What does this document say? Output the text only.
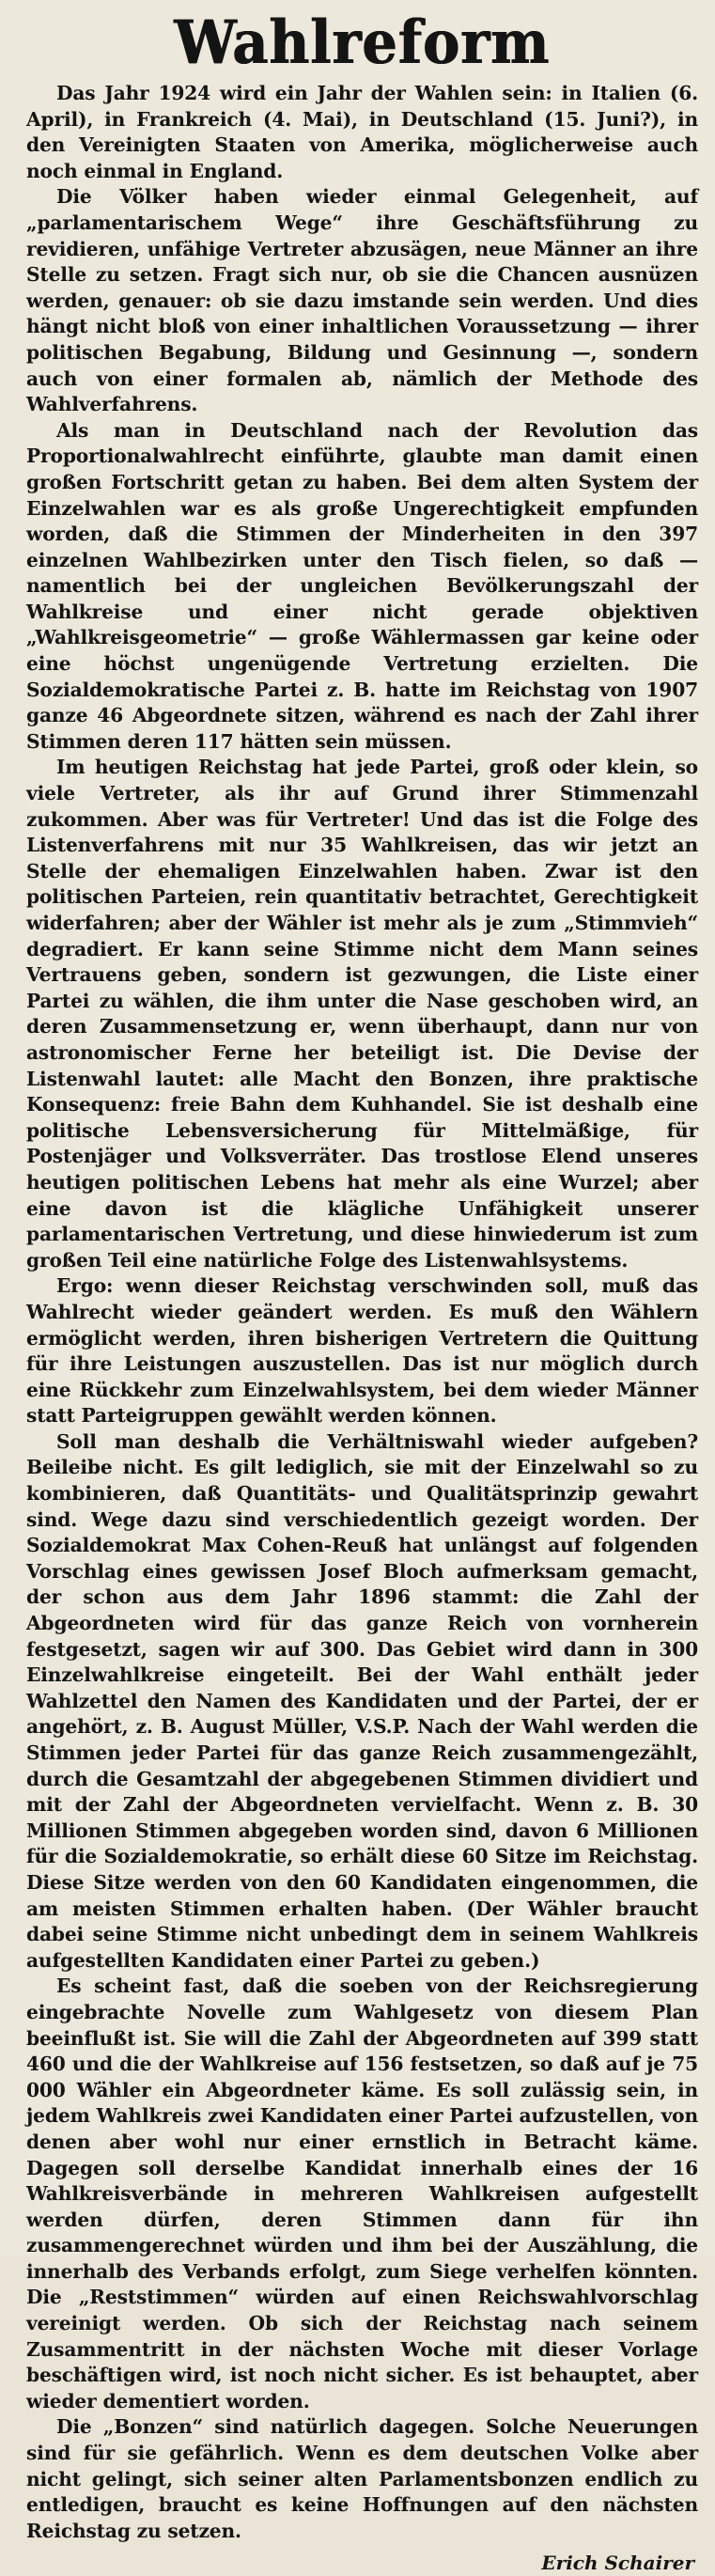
Wahlreform

Das Jahr 1924 wird ein Jahr der Wahlen sein: in Italien (6. April), in Frankreich (4. Mai), in Deutschland (15. Juni?), in den Vereinigten Staaten von Amerika, möglicherweise auch noch einmal in England.

Die Völker haben wieder einmal Gelegenheit, auf „parlamentarischem Wege“ ihre Geschäftsführung zu revidieren, unfähige Vertreter abzusägen, neue Männer an ihre Stelle zu setzen. Fragt sich nur, ob sie die Chancen ausnüzen werden, genauer: ob sie dazu imstande sein werden. Und dies hängt nicht bloß von einer inhaltlichen Voraussetzung — ihrer politischen Begabung, Bildung und Gesinnung —, sondern auch von einer formalen ab, nämlich der Methode des Wahlverfahrens.

Als man in Deutschland nach der Revolution das Proportionalwahlrecht einführte, glaubte man damit einen großen Fortschritt getan zu haben. Bei dem alten System der Einzelwahlen war es als große Ungerechtigkeit empfunden worden, daß die Stimmen der Minderheiten in den 397 einzelnen Wahlbezirken unter den Tisch fielen, so daß — namentlich bei der ungleichen Bevölkerungszahl der Wahlkreise und einer nicht gerade objektiven „Wahlkreisgeometrie“ — große Wählermassen gar keine oder eine höchst ungenügende Vertretung erzielten. Die Sozialdemokratische Partei z. B. hatte im Reichstag von 1907 ganze 46 Abgeordnete sitzen, während es nach der Zahl ihrer Stimmen deren 117 hätten sein müssen.

Im heutigen Reichstag hat jede Partei, groß oder klein, so viele Vertreter, als ihr auf Grund ihrer Stimmenzahl zukommen. Aber was für Vertreter! Und das ist die Folge des Listenverfahrens mit nur 35 Wahlkreisen, das wir jetzt an Stelle der ehemaligen Einzelwahlen haben. Zwar ist den politischen Parteien, rein quantitativ betrachtet, Gerechtigkeit widerfahren; aber der Wähler ist mehr als je zum „Stimmvieh“ degradiert. Er kann seine Stimme nicht dem Mann seines Vertrauens geben, sondern ist gezwungen, die Liste einer Partei zu wählen, die ihm unter die Nase geschoben wird, an deren Zusammensetzung er, wenn überhaupt, dann nur von astronomischer Ferne her beteiligt ist. Die Devise der Listenwahl lautet: alle Macht den Bonzen, ihre praktische Konsequenz: freie Bahn dem Kuhhandel. Sie ist deshalb eine politische Lebensversicherung für Mittelmäßige, für Postenjäger und Volksverräter. Das trostlose Elend unseres heutigen politischen Lebens hat mehr als eine Wurzel; aber eine davon ist die klägliche Unfähigkeit unserer parlamentarischen Vertretung, und diese hinwiederum ist zum großen Teil eine natürliche Folge des Listenwahlsystems.

Ergo: wenn dieser Reichstag verschwinden soll, muß das Wahlrecht wieder geändert werden. Es muß den Wählern ermöglicht werden, ihren bisherigen Vertretern die Quittung für ihre Leistungen auszustellen. Das ist nur möglich durch eine Rückkehr zum Einzelwahlsystem, bei dem wieder Männer statt Parteigruppen gewählt werden können.

Soll man deshalb die Verhältniswahl wieder aufgeben? Beileibe nicht. Es gilt lediglich, sie mit der Einzelwahl so zu kombinieren, daß Quantitäts- und Qualitätsprinzip gewahrt sind. Wege dazu sind verschiedentlich gezeigt worden. Der Sozialdemokrat Max Cohen-Reuß hat unlängst auf folgenden Vorschlag eines gewissen Josef Bloch aufmerksam gemacht, der schon aus dem Jahr 1896 stammt: die Zahl der Abgeordneten wird für das ganze Reich von vornherein festgesetzt, sagen wir auf 300. Das Gebiet wird dann in 300 Einzelwahlkreise eingeteilt. Bei der Wahl enthält jeder Wahlzettel den Namen des Kandidaten und der Partei, der er angehört, z. B. August Müller, V.S.P. Nach der Wahl werden die Stimmen jeder Partei für das ganze Reich zusammengezählt, durch die Gesamtzahl der abgegebenen Stimmen dividiert und mit der Zahl der Abgeordneten vervielfacht. Wenn z. B. 30 Millionen Stimmen abgegeben worden sind, davon 6 Millionen für die Sozialdemokratie, so erhält diese 60 Sitze im Reichstag. Diese Sitze werden von den 60 Kandidaten eingenommen, die am meisten Stimmen erhalten haben. (Der Wähler braucht dabei seine Stimme nicht unbedingt dem in seinem Wahlkreis aufgestellten Kandidaten einer Partei zu geben.)

Es scheint fast, daß die soeben von der Reichsregierung eingebrachte Novelle zum Wahlgesetz von diesem Plan beeinflußt ist. Sie will die Zahl der Abgeordneten auf 399 statt 460 und die der Wahlkreise auf 156 festsetzen, so daß auf je 75 000 Wähler ein Abgeordneter käme. Es soll zulässig sein, in jedem Wahlkreis zwei Kandidaten einer Partei aufzustellen, von denen aber wohl nur einer ernstlich in Betracht käme. Dagegen soll derselbe Kandidat innerhalb eines der 16 Wahlkreisverbände in mehreren Wahlkreisen aufgestellt werden dürfen, deren Stimmen dann für ihn zusammengerechnet würden und ihm bei der Auszählung, die innerhalb des Verbands erfolgt, zum Siege verhelfen könnten. Die „Reststimmen“ würden auf einen Reichswahlvorschlag vereinigt werden. Ob sich der Reichstag nach seinem Zusammentritt in der nächsten Woche mit dieser Vorlage beschäftigen wird, ist noch nicht sicher. Es ist behauptet, aber wieder dementiert worden.

Die „Bonzen“ sind natürlich dagegen. Solche Neuerungen sind für sie gefährlich. Wenn es dem deutschen Volke aber nicht gelingt, sich seiner alten Parlamentsbonzen endlich zu entledigen, braucht es keine Hoffnungen auf den nächsten Reichstag zu setzen.

Erich Schairer
